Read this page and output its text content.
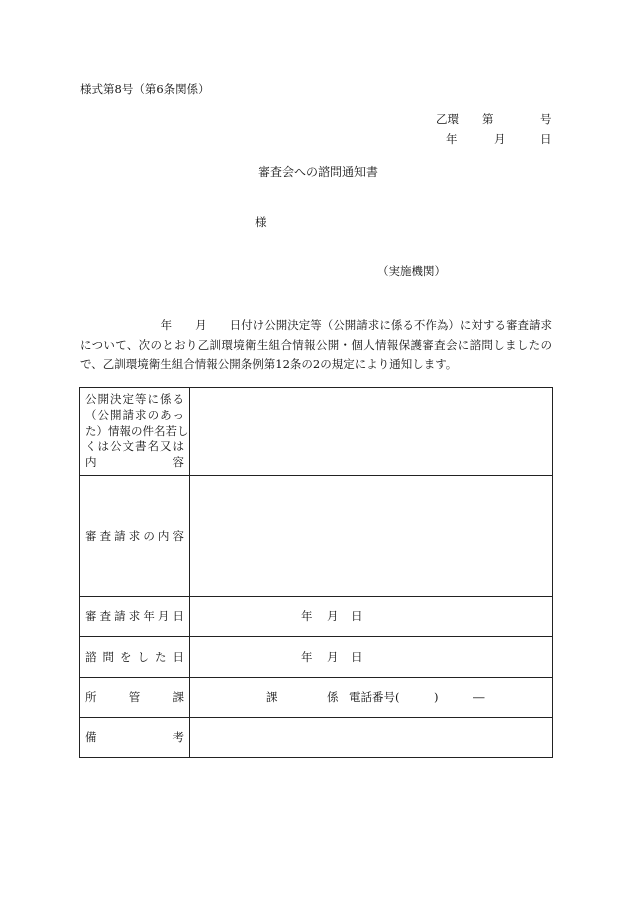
様式第8号（第6条関係）
乙環 第	号
年	月	日
審査会への諮問通知書
様
（実施機関）
　　　　　　　年　　月　　日付け公開決定等（公開請求に係る不作為）に対する審査請求
について、次のとおり乙訓環境衛生組合情報公開・個人情報保護審査会に諮問しましたの
で、乙訓環境衛生組合情報公開条例第12条の2の規定により通知します。
公開決定等に係る
（公開請求のあっ
た）情報の件名若し
くは公文書名又は
内　　　　　　容	

審査請求の内容	

審査請求年月日	年 月 日

諮問をした日	年 月 日

所　管　課	課 係 電話番号(　　　)　　　―

備　　考	
